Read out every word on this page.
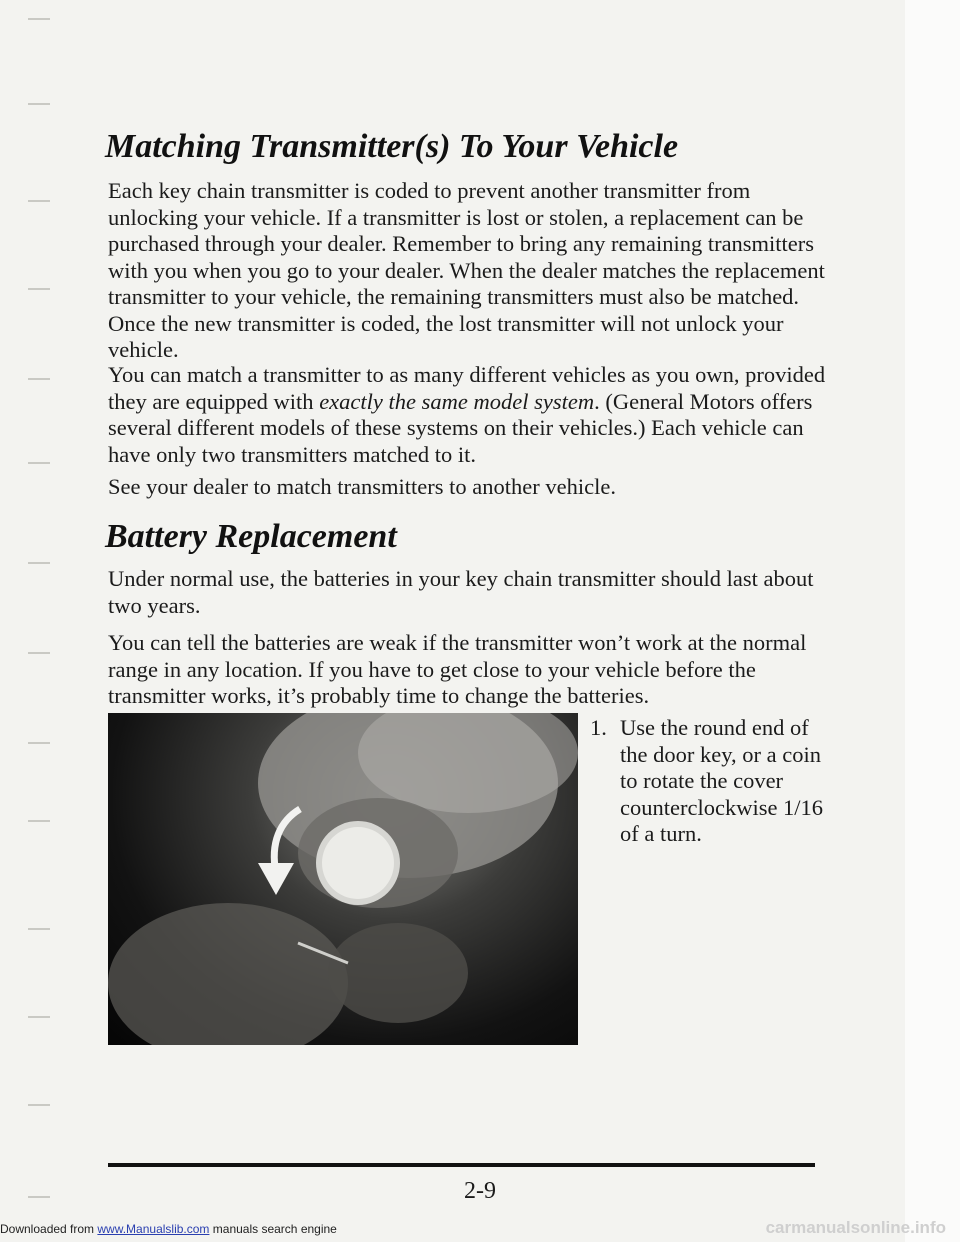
Matching Transmitter(s) To Your Vehicle

Each key chain transmitter is coded to prevent another transmitter from unlocking your vehicle. If a transmitter is lost or stolen, a replacement can be purchased through your dealer. Remember to bring any remaining transmitters with you when you go to your dealer. When the dealer matches the replacement transmitter to your vehicle, the remaining transmitters must also be matched. Once the new transmitter is coded, the lost transmitter will not unlock your vehicle.

You can match a transmitter to as many different vehicles as you own, provided they are equipped with exactly the same model system. (General Motors offers several different models of these systems on their vehicles.) Each vehicle can have only two transmitters matched to it.

See your dealer to match transmitters to another vehicle.

Battery Replacement

Under normal use, the batteries in your key chain transmitter should last about two years.

You can tell the batteries are weak if the transmitter won’t work at the normal range in any location. If you have to get close to your vehicle before the transmitter works, it’s probably time to change the batteries.

1. Use the round end of the door key, or a coin to rotate the cover counterclockwise 1/16 of a turn.
2-9
Downloaded from www.Manualslib.com manuals search engine	carmanualsonline.info
